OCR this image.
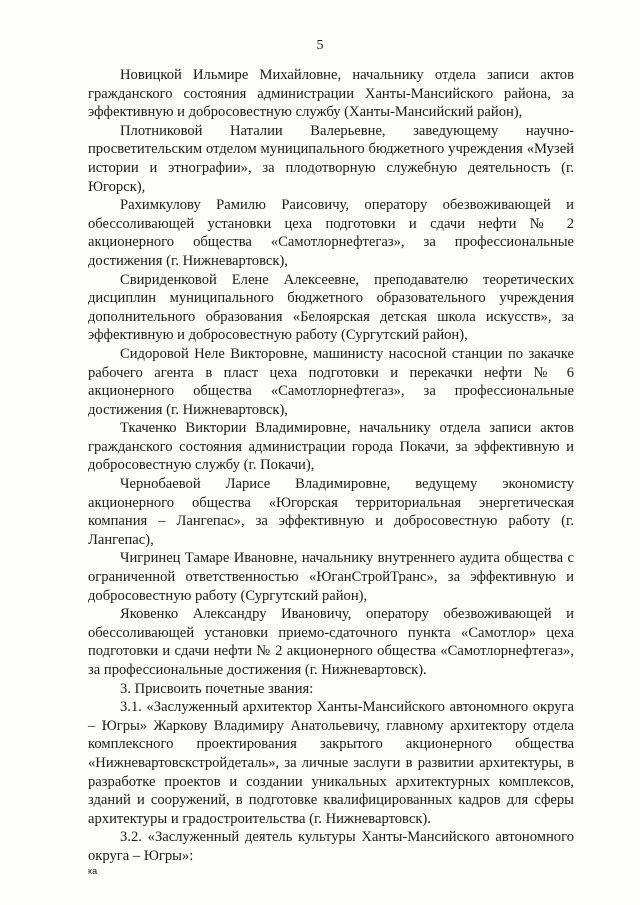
5

Новицкой Ильмире Михайловне, начальнику отдела записи актов гражданского состояния администрации Ханты-Мансийского района, за эффективную и добросовестную службу (Ханты-Мансийский район),

Плотниковой Наталии Валерьевне, заведующему научно-просветительским отделом муниципального бюджетного учреждения «Музей истории и этнографии», за плодотворную служебную деятельность (г. Югорск),

Рахимкулову Рамилю Раисовичу, оператору обезвоживающей и обессоливающей установки цеха подготовки и сдачи нефти № 2 акционерного общества «Самотлорнефтегаз», за профессиональные достижения (г. Нижневартовск),

Свириденковой Елене Алексеевне, преподавателю теоретических дисциплин муниципального бюджетного образовательного учреждения дополнительного образования «Белоярская детская школа искусств», за эффективную и добросовестную работу (Сургутский район),

Сидоровой Неле Викторовне, машинисту насосной станции по закачке рабочего агента в пласт цеха подготовки и перекачки нефти № 6 акционерного общества «Самотлорнефтегаз», за профессиональные достижения (г. Нижневартовск),

Ткаченко Виктории Владимировне, начальнику отдела записи актов гражданского состояния администрации города Покачи, за эффективную и добросовестную службу (г. Покачи),

Чернобаевой Ларисе Владимировне, ведущему экономисту акционерного общества «Югорская территориальная энергетическая компания – Лангепас», за эффективную и добросовестную работу (г. Лангепас),

Чигринец Тамаре Ивановне, начальнику внутреннего аудита общества с ограниченной ответственностью «ЮганСтройТранс», за эффективную и добросовестную работу (Сургутский район),

Яковенко Александру Ивановичу, оператору обезвоживающей и обессоливающей установки приемо-сдаточного пункта «Самотлор» цеха подготовки и сдачи нефти № 2 акционерного общества «Самотлорнефтегаз», за профессиональные достижения (г. Нижневартовск).

3. Присвоить почетные звания:

3.1. «Заслуженный архитектор Ханты-Мансийского автономного округа – Югры» Жаркову Владимиру Анатольевичу, главному архитектору отдела комплексного проектирования закрытого акционерного общества «Нижневартовскстройдеталь», за личные заслуги в развитии архитектуры, в разработке проектов и создании уникальных архитектурных комплексов, зданий и сооружений, в подготовке квалифицированных кадров для сферы архитектуры и градостроительства (г. Нижневартовск).

3.2. «Заслуженный деятель культуры Ханты-Мансийского автономного округа – Югры»:

ка
